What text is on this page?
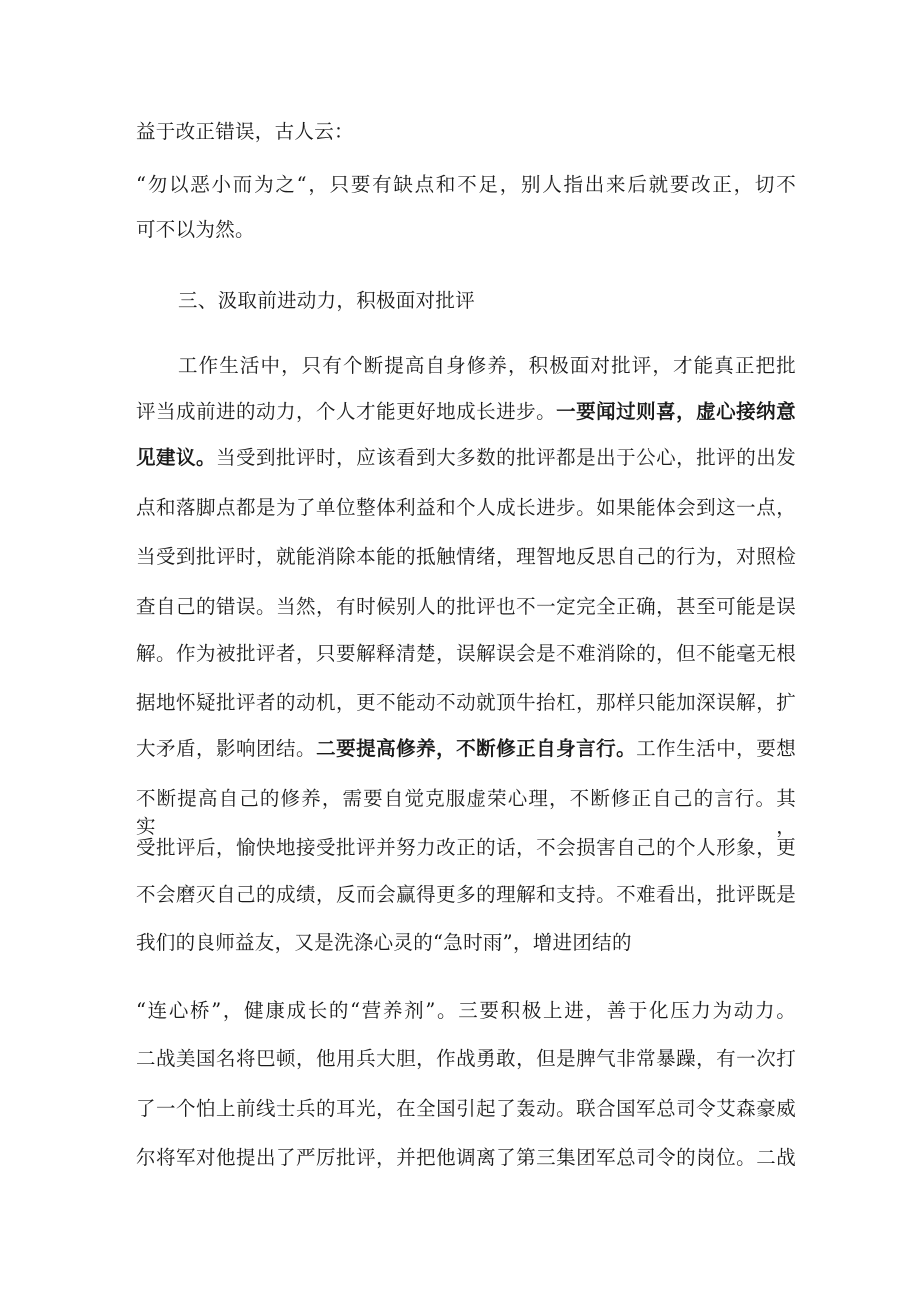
益于改正错误，古人云：
“勿以恶小而为之“，只要有缺点和不足，别人指出来后就要改正，切不
可不以为然。
三、汲取前进动力，积极面对批评
工作生活中，只有个断提高自身修养，积极面对批评，才能真正把批
评当成前进的动力，个人才能更好地成长进步。一要闻过则喜，虚心接纳意
见建议。当受到批评时，应该看到大多数的批评都是出于公心，批评的出发
点和落脚点都是为了单位整体利益和个人成长进步。如果能体会到这一点，
当受到批评时，就能消除本能的抵触情绪，理智地反思自己的行为，对照检
查自己的错误。当然，有时候别人的批评也不一定完全正确，甚至可能是误
解。作为被批评者，只要解释清楚，误解误会是不难消除的，但不能毫无根
据地怀疑批评者的动机，更不能动不动就顶牛抬杠，那样只能加深误解，扩
大矛盾，影响团结。二要提高修养，不断修正自身言行。工作生活中，要想
不断提高自己的修养，需要自觉克服虚荣心理，不断修正自己的言行。其实，
受批评后，愉快地接受批评并努力改正的话，不会损害自己的个人形象，更
不会磨灭自己的成绩，反而会赢得更多的理解和支持。不难看出，批评既是
我们的良师益友，又是洗涤心灵的“急时雨”，增进团结的
“连心桥”，健康成长的“营养剂”。三要积极上进，善于化压力为动力。
二战美国名将巴顿，他用兵大胆，作战勇敢，但是脾气非常暴躁，有一次打
了一个怕上前线士兵的耳光，在全国引起了轰动。联合国军总司令艾森豪威
尔将军对他提出了严厉批评，并把他调离了第三集团军总司令的岗位。二战
